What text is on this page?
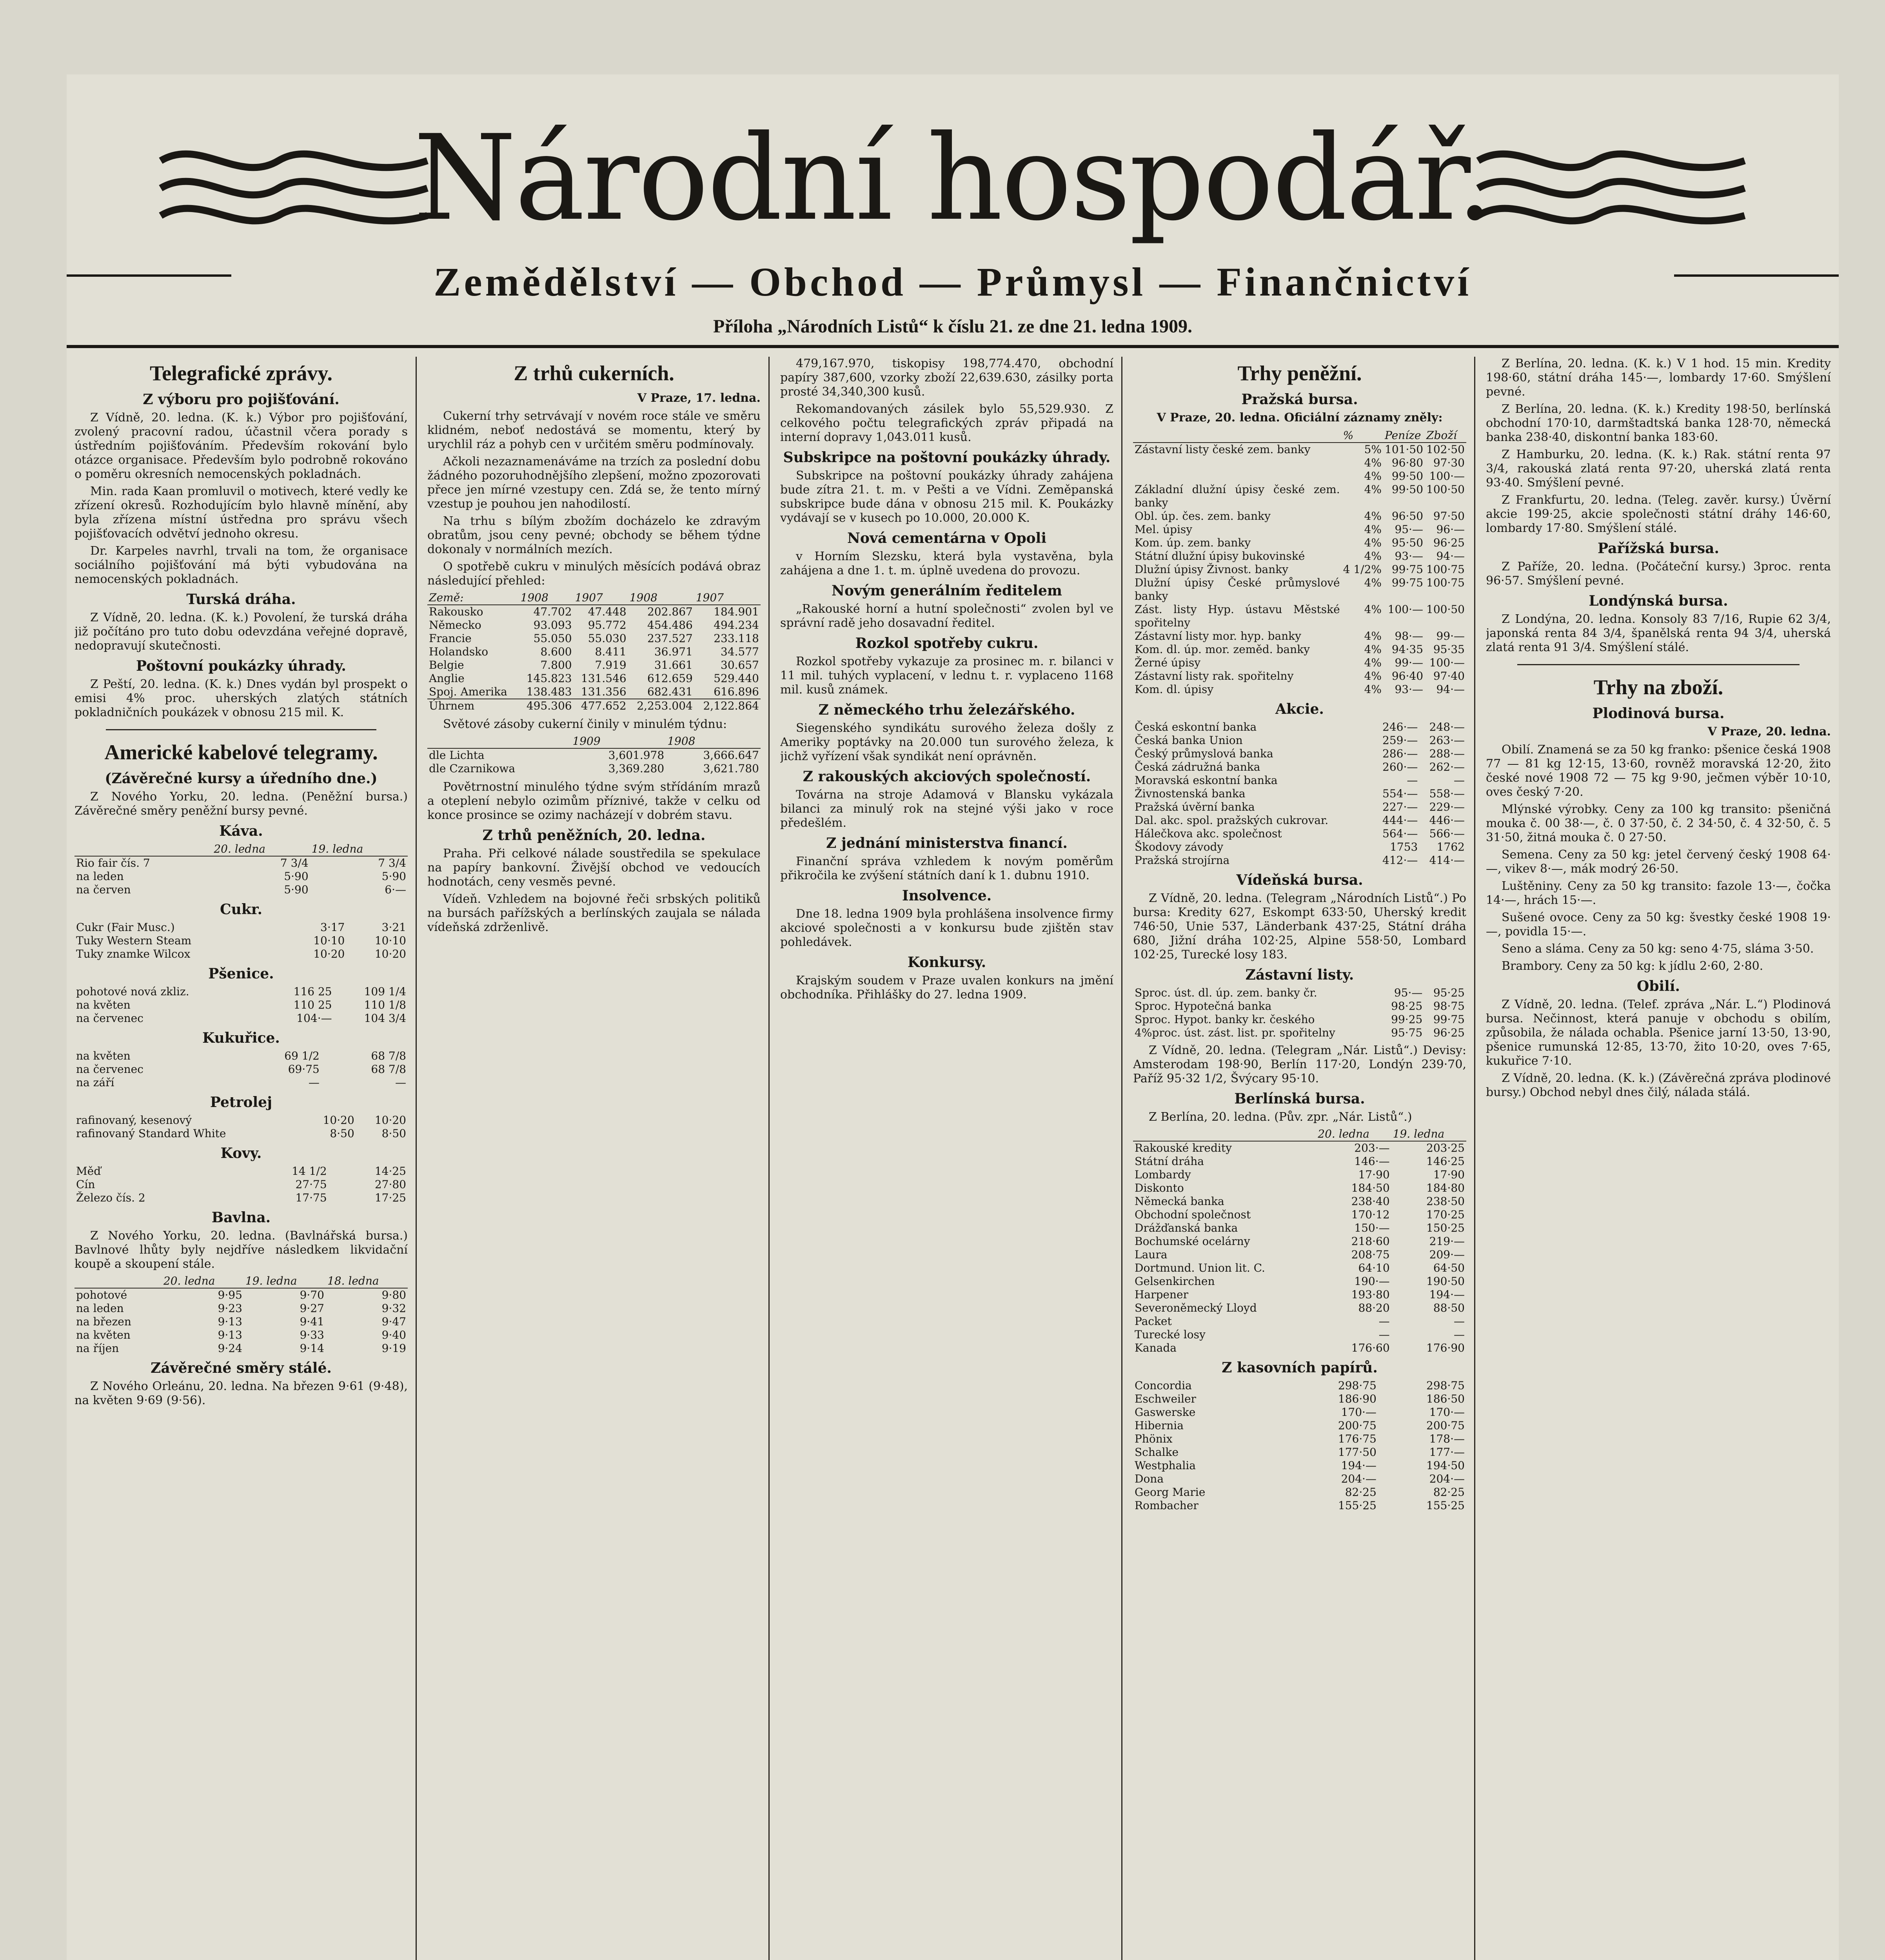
Národní hospodář.
Zemědělství — Obchod — Průmysl — Finančnictví
Příloha „Národních Listů“ k číslu 21. ze dne 21. ledna 1909.
Telegrafické zprávy.
Z výboru pro pojišťování.

Z Vídně, 20. ledna. (K. k.) Výbor pro pojišťování, zvolený pracovní radou, účastnil včera porady s ústředním pojišťováním. Především rokování bylo otázce organisace. Především bylo podrobně rokováno o poměru okresních nemocenských pokladnách.

Min. rada Kaan promluvil o motivech, které vedly ke zřízení okresů. Rozhodujícím bylo hlavně mínění, aby byla zřízena místní ústředna pro správu všech pojišťovacích odvětví jednoho okresu.

Dr. Karpeles navrhl, trvali na tom, že organisace sociálního pojišťování má býti vybudována na nemocenských pokladnách.

Turská dráha.

Z Vídně, 20. ledna. (K. k.) Povolení, že turská dráha již počítáno pro tuto dobu odevzdána veřejné dopravě, nedopravují skutečnosti.

Poštovní poukázky úhrady.

Z Peští, 20. ledna. (K. k.) Dnes vydán byl prospekt o emisi 4% proc. uherských zlatých státních pokladničních poukázek v obnosu 215 mil. K.

Americké kabelové telegramy.
(Závěrečné kursy a úředního dne.)

Z Nového Yorku, 20. ledna. (Peněžní bursa.) Závěrečné směry peněžní bursy pevné.

Káva.
	20. ledna	19. ledna
Rio fair čís. 7	7 3/4	7 3/4
na leden	5·90	5·90
na červen	5·90	6·—
Cukr.
Cukr (Fair Musc.)	3·17	3·21
Tuky Western Steam	10·10	10·10
Tuky znamke Wilcox	10·20	10·20
Pšenice.
pohotové nová zkliz.	116 25	109 1/4
na květen	110 25	110 1/8
na červenec	104·—	104 3/4
Kukuřice.
na květen	69 1/2	68 7/8
na červenec	69·75	68 7/8
na září	—	—
Petrolej
rafinovaný, kesenový	10·20	10·20
rafinovaný Standard White	8·50	8·50
Kovy.
Měď	14 1/2	14·25
Cín	27·75	27·80
Železo čís. 2	17·75	17·25
Bavlna.

Z Nového Yorku, 20. ledna. (Bavlnářská bursa.) Bavlnové lhůty byly nejdříve následkem likvidační koupě a skoupení stále.

	20. ledna	19. ledna	18. ledna
pohotové	9·95	9·70	9·80
na leden	9·23	9·27	9·32
na březen	9·13	9·41	9·47
na květen	9·13	9·33	9·40
na říjen	9·24	9·14	9·19
Závěrečné směry stálé.

Z Nového Orleánu, 20. ledna. Na březen 9·61 (9·48), na květen 9·69 (9·56).

Z trhů cukerních.
V Praze, 17. ledna.

Cukerní trhy setrvávají v novém roce stále ve směru klidném, neboť nedostává se momentu, který by urychlil ráz a pohyb cen v určitém směru podmínovaly.

Ačkoli nezaznamenáváme na trzích za poslední dobu žádného pozoruhodnějšího zlepšení, možno zpozorovati přece jen mírné vzestupy cen. Zdá se, že tento mírný vzestup je pouhou jen nahodilostí.

Na trhu s bílým zbožím docházelo ke zdravým obratům, jsou ceny pevné; obchody se během týdne dokonaly v normálních mezích.

O spotřebě cukru v minulých měsících podává obraz následující přehled:

Země:	1908	1907	1908	1907
Rakousko	47.702	47.448	202.867	184.901
Německo	93.093	95.772	454.486	494.234
Francie	55.050	55.030	237.527	233.118
Holandsko	8.600	8.411	36.971	34.577
Belgie	7.800	7.919	31.661	30.657
Anglie	145.823	131.546	612.659	529.440
Spoj. Amerika	138.483	131.356	682.431	616.896
Úhrnem	495.306	477.652	2,253.004	2,122.864

Světové zásoby cukerní činily v minulém týdnu:

	1909	1908
dle Lichta	3,601.978	3,666.647
dle Czarnikowa	3,369.280	3,621.780

Povětrnostní minulého týdne svým střídáním mrazů a oteplení nebylo ozimům příznivé, takže v celku od konce prosince se ozimy nacházejí v dobrém stavu.

Z trhů peněžních, 20. ledna.

Praha. Při celkové nálade soustředila se spekulace na papíry bankovní. Živější obchod ve vedoucích hodnotách, ceny vesměs pevné.

Vídeň. Vzhledem na bojovné řeči srbských politiků na bursách pařížských a berlínských zaujala se nálada vídeňská zdrženlivě.

479,167.970, tiskopisy 198,774.470, obchodní papíry 387,600, vzorky zboží 22,639.630, zásilky porta prosté 34,340,300 kusů.

Rekomandovaných zásilek bylo 55,529.930. Z celkového počtu telegrafických zpráv připadá na interní dopravy 1,043.011 kusů.

Subskripce na poštovní poukázky úhrady.

Subskripce na poštovní poukázky úhrady zahájena bude zítra 21. t. m. v Pešti a ve Vídni. Zeměpanská subskripce bude dána v obnosu 215 mil. K. Poukázky vydávají se v kusech po 10.000, 20.000 K.

Nová cementárna v Opoli

v Horním Slezsku, která byla vystavěna, byla zahájena a dne 1. t. m. úplně uvedena do provozu.

Novým generálním ředitelem

„Rakouské horní a hutní společnosti“ zvolen byl ve správní radě jeho dosavadní ředitel.

Rozkol spotřeby cukru.

Rozkol spotřeby vykazuje za prosinec m. r. bilanci v 11 mil. tuhých vyplacení, v lednu t. r. vyplaceno 1168 mil. kusů známek.

Z německého trhu železářského.

Siegenského syndikátu surového železa došly z Ameriky poptávky na 20.000 tun surového železa, k jichž vyřízení však syndikát není oprávněn.

Z rakouských akciových společností.

Továrna na stroje Adamová v Blansku vykázala bilanci za minulý rok na stejné výši jako v roce předešlém.

Z jednání ministerstva financí.

Finanční správa vzhledem k novým poměrům přikročila ke zvýšení státních daní k 1. dubnu 1910.

Insolvence.

Dne 18. ledna 1909 byla prohlášena insolvence firmy akciové společnosti a v konkursu bude zjištěn stav pohledávek.

Konkursy.

Krajským soudem v Praze uvalen konkurs na jmění obchodníka. Přihlášky do 27. ledna 1909.

Trhy peněžní.
Pražská bursa.
V Praze, 20. ledna. Oficiální záznamy zněly:
	%	Peníze	Zboží
Zástavní listy české zem. banky	5%	101·50	102·50
	4%	96·80	97·30
	4%	99·50	100·—
Základní dlužní úpisy české zem. banky	4%	99·50	100·50
Obl. úp. čes. zem. banky	4%	96·50	97·50
Mel. úpisy	4%	95·—	96·—
Kom. úp. zem. banky	4%	95·50	96·25
Státní dlužní úpisy bukovinské	4%	93·—	94·—
Dlužní úpisy Živnost. banky	4 1/2%	99·75	100·75
Dlužní úpisy České průmyslové banky	4%	99·75	100·75
Zást. listy Hyp. ústavu Městské spořitelny	4%	100·—	100·50
Zástavní listy mor. hyp. banky	4%	98·—	99·—
Kom. dl. úp. mor. zeměd. banky	4%	94·35	95·35
Žerné úpisy	4%	99·—	100·—
Zástavní listy rak. spořitelny	4%	96·40	97·40
Kom. dl. úpisy	4%	93·—	94·—
Akcie.
Česká eskontní banka	246·—	248·—
Česká banka Union	259·—	263·—
Český průmyslová banka	286·—	288·—
Česká zádružná banka	260·—	262·—
Moravská eskontní banka	—	—
Živnostenská banka	554·—	558·—
Pražská úvěrní banka	227·—	229·—
Dal. akc. spol. pražských cukrovar.	444·—	446·—
Hálečkova akc. společnost	564·—	566·—
Škodovy závody	1753	1762
Pražská strojírna	412·—	414·—
Vídeňská bursa.

Z Vídně, 20. ledna. (Telegram „Národních Listů“.) Po bursa: Kredity 627, Eskompt 633·50, Uherský kredit 746·50, Unie 537, Länderbank 437·25, Státní dráha 680, Jižní dráha 102·25, Alpine 558·50, Lombard 102·25, Turecké losy 183.

Zástavní listy.
Sproc. úst. dl. úp. zem. banky čr.	95·—	95·25
Sproc. Hypotečná banka	98·25	98·75
Sproc. Hypot. banky kr. českého	99·25	99·75
4%proc. úst. zást. list. pr. spořitelny	95·75	96·25

Z Vídně, 20. ledna. (Telegram „Nár. Listů“.) Devisy: Amsterodam 198·90, Berlín 117·20, Londýn 239·70, Paříž 95·32 1/2, Švýcary 95·10.

Berlínská bursa.

Z Berlína, 20. ledna. (Pův. zpr. „Nár. Listů“.)

	20. ledna	19. ledna
Rakouské kredity	203·—	203·25
Státní dráha	146·—	146·25
Lombardy	17·90	17·90
Diskonto	184·50	184·80
Německá banka	238·40	238·50
Obchodní společnost	170·12	170·25
Drážďanská banka	150·—	150·25
Bochumské ocelárny	218·60	219·—
Laura	208·75	209·—
Dortmund. Union lit. C.	64·10	64·50
Gelsenkirchen	190·—	190·50
Harpener	193·80	194·—
Severoněmecký Lloyd	88·20	88·50
Packet	—	—
Turecké losy	—	—
Kanada	176·60	176·90
Z kasovních papírů.
Concordia	298·75	298·75
Eschweiler	186·90	186·50
Gaswerske	170·—	170·—
Hibernia	200·75	200·75
Phönix	176·75	178·—
Schalke	177·50	177·—
Westphalia	194·—	194·50
Dona	204·—	204·—
Georg Marie	82·25	82·25
Rombacher	155·25	155·25

Z Berlína, 20. ledna. (K. k.) V 1 hod. 15 min. Kredity 198·60, státní dráha 145·—, lombardy 17·60. Smýšlení pevné.

Z Berlína, 20. ledna. (K. k.) Kredity 198·50, berlínská obchodní 170·10, darmštadtská banka 128·70, německá banka 238·40, diskontní banka 183·60.

Z Hamburku, 20. ledna. (K. k.) Rak. státní renta 97 3/4, rakouská zlatá renta 97·20, uherská zlatá renta 93·40. Smýšlení pevné.

Z Frankfurtu, 20. ledna. (Teleg. zavěr. kursy.) Úvěrní akcie 199·25, akcie společnosti státní dráhy 146·60, lombardy 17·80. Smýšlení stálé.

Pařížská bursa.

Z Paříže, 20. ledna. (Počáteční kursy.) 3proc. renta 96·57. Smýšlení pevné.

Londýnská bursa.

Z Londýna, 20. ledna. Konsoly 83 7/16, Rupie 62 3/4, japonská renta 84 3/4, španělská renta 94 3/4, uherská zlatá renta 91 3/4. Smýšlení stálé.

Trhy na zboží.
Plodinová bursa.
V Praze, 20. ledna.

Obilí. Znamená se za 50 kg franko: pšenice česká 1908 77 — 81 kg 12·15, 13·60, rovněž moravská 12·20, žito české nové 1908 72 — 75 kg 9·90, ječmen výběr 10·10, oves český 7·20.

Mlýnské výrobky. Ceny za 100 kg transito: pšeničná mouka č. 00 38·—, č. 0 37·50, č. 2 34·50, č. 4 32·50, č. 5 31·50, žitná mouka č. 0 27·50.

Semena. Ceny za 50 kg: jetel červený český 1908 64·—, vikev 8·—, mák modrý 26·50.

Luštěniny. Ceny za 50 kg transito: fazole 13·—, čočka 14·—, hrách 15·—.

Sušené ovoce. Ceny za 50 kg: švestky české 1908 19·—, povidla 15·—.

Seno a sláma. Ceny za 50 kg: seno 4·75, sláma 3·50.

Brambory. Ceny za 50 kg: k jídlu 2·60, 2·80.

Obilí.

Z Vídně, 20. ledna. (Telef. zpráva „Nár. L.“) Plodinová bursa. Nečinnost, která panuje v obchodu s obilím, způsobila, že nálada ochabla. Pšenice jarní 13·50, 13·90, pšenice rumunská 12·85, 13·70, žito 10·20, oves 7·65, kukuřice 7·10.

Z Vídně, 20. ledna. (K. k.) (Závěrečná zpráva plodinové bursy.) Obchod nebyl dnes čilý, nálada stálá.
